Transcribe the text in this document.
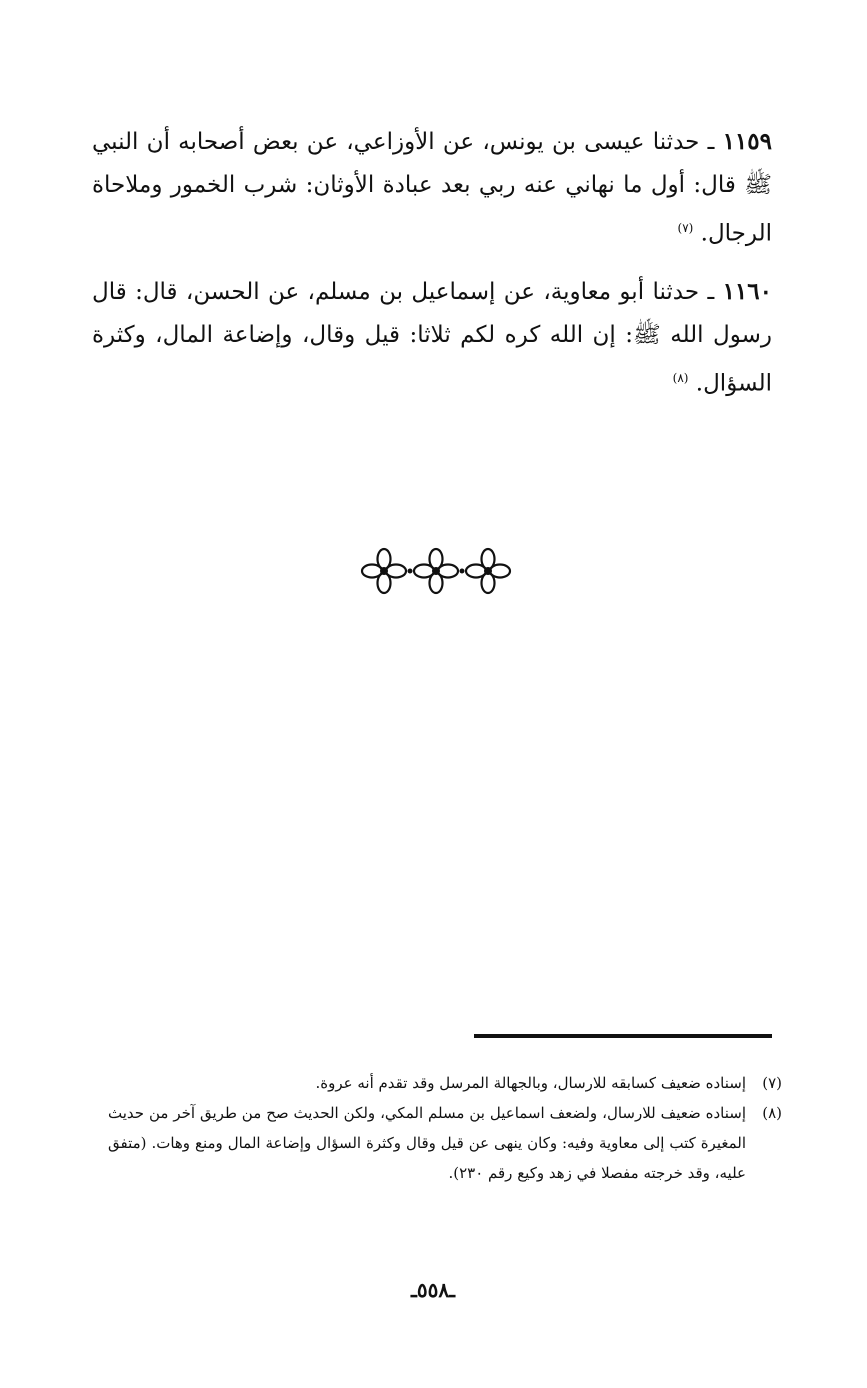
١١٥٩ ـ حدثنا عيسى بن يونس، عن الأوزاعي، عن بعض أصحابه أن النبي ﷺ قال: أول ما نهاني عنه ربي بعد عبادة الأوثان: شرب الخمور وملاحاة الرجال. $^{(٧)}$

١١٦٠ ـ حدثنا أبو معاوية، عن إسماعيل بن مسلم، عن الحسن، قال: قال رسول الله ﷺ: إن الله كره لكم ثلاثا: قيل وقال، وإضاعة المال، وكثرة السؤال. $^{(٨)}$

(٧)
إسناده ضعيف كسابقه للارسال، وبالجهالة المرسل وقد تقدم أنه عروة.
(٨)
إسناده ضعيف للارسال، ولضعف اسماعيل بن مسلم المكي، ولكن الحديث صح من طريق آخر من حديث المغيرة كتب إلى معاوية وفيه: وكان ينهى عن قيل وقال وكثرة السؤال وإضاعة المال ومنع وهات. (متفق عليه، وقد خرجته مفصلا في زهد وكيع رقم ٢٣٠).
ـ٥٥٨ـ
